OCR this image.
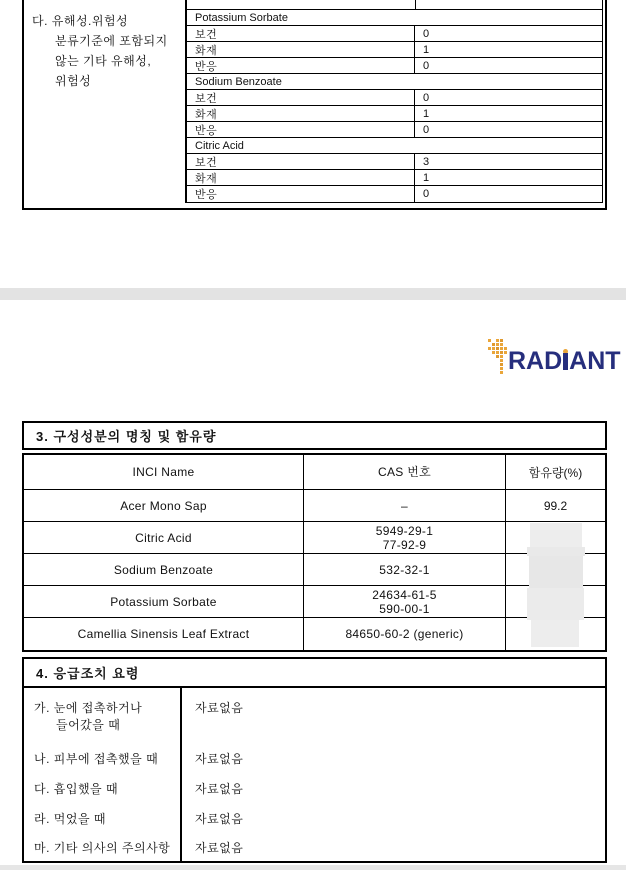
다. 유해성.위험성
분류기준에 포함되지
않는 기타 유해성,
위험성
Potassium Sorbate
보건	0
화재	1
반응	0
Sodium Benzoate
보건	0
화재	1
반응	0
Citric Acid
보건	3
화재	1
반응	0
RAD ANT
3. 구성성분의 명칭 및 함유량
INCI Name	CAS 번호	함유량(%)
Acer Mono Sap	–	99.2
Citric Acid	5949-29-1
77-92-9
Sodium Benzoate	532-32-1
Potassium Sorbate	24634-61-5
590-00-1
Camellia Sinensis Leaf Extract	84650-60-2 (generic)
4. 응급조치 요령
가. 눈에 접촉하거나
들어갔을 때
자료없음
나. 피부에 접촉했을 때	자료없음
다. 흡입했을 때	자료없음
라. 먹었을 때	자료없음
마. 기타 의사의 주의사항	자료없음
